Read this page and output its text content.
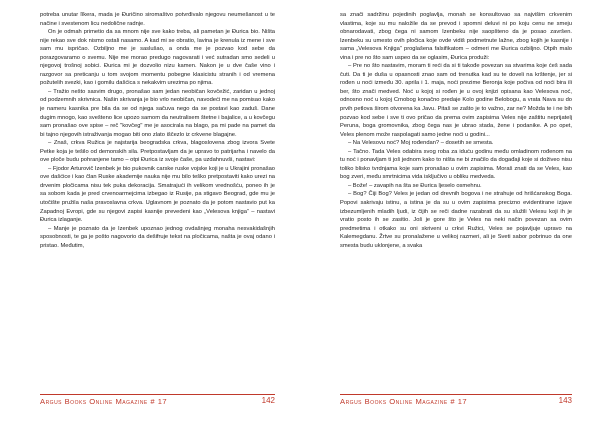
potreba unutar lîkera, mada je Đuričino siromaštvo potvrđivalo njegovu neumešanost u te načine i svestenom licu nedolične radnje.

On je odmah primetio da sa mnom nije sve kako treba, ali pametan je Đurica bio. Ništa nije rekao sve dok nismo ostali nasamo. A kad mi se obratio, lavina je krenula iz mene i sve sam mu ispričao. Ozbiljno me je saslušao, a onda me je pozvao kod sebe da porazgovaramo o svemu. Nije me morao predugo nagovarati i već sutradan smo sedeli u njegovoj trošnoj sobici. Đurica mi je dozvolio nizu kamen. Nakon je u dve čaše vino i razgovor sa preticanju u tom svojom momentu pobegne klasicistu stranih i od vremena požutelih svezki, kao i gomilu dašćica s nekakvim urezima po njima.

– Tražio nešto sasvim drugo, pronašao sam jedan neobičan kovčežić, zaridan u jednoj od podzemnih skrivnica. Našin skrivanja je bio vrlo neobičan, navodeći me na pomisao kako je nameru kasnika pre bila da se od njega sačuva nego da se postavi kao zaduš. Dane dugim mnogo, kao svešteno lice upozo samom da neutralisem štetne i bajalice, a u kovčegu sam pronašao ove spise – reč "kovčeg" me je asocirala na blago, pa mi pade na pamet da bi tajno njegovih istraživanja mogao biti ono zlato iščezlo iz crkvene blagajne.

– Znaš, crkva Ružica je najstarija beogradska crkva, blagoslovena zbog izvora Svete Petke koja je tešilo od demonskih sila. Pretpostavljam da je upravo to patrijarha i navelo da ove ploče budu pohranjene tamo – otpi Đurica iz svoje čaše, pa uzdahnuvši, nastavi:

– Fjodor Arturovič Izenbek je bio pukovnik carske ruske vojske koji je u Ukrajini pronašao ove dašćice i kao član Ruske akademije nauka nije mu bilo teško pretpostaviti kako urezi na drvenim pločicama nisu tek puka dekoracija. Smatrajući ih velikom vrednošću, poneo ih je sa sobom kada je pred crvenoarmejcima izbegao iz Rusije, pa stigavo Beograd, gde mu je utočište pružila naša pravoslavna crkva. Uglavnom je poznato da je potom nastavio put ka Zapadnoj Evropi, gde su njegovi zapisi kasnije prevedeni kao „Velesova knjiga“ – nastavi Đurica izlaganje.

– Manje je poznato da je Izenbek upoznao jednog ovdašnjeg monaha nesvakidašnjih sposobnosti, te ga je pošto nagovorio da dešifruje tekst na pločicama, našta je ovaj odano i pristao. Međutim,

Argus Books Online Magazine # 17	142

sa znači sadržinu pojedinih poglavlja, monah se konsultovao sa najvišim crkvenim vlastima, koje su mu naložile da se prevod i spomni deluvi ni po koju cenu ne smeju obnarodavati, zbog čega ni samom Izenbeku nije saopšteno da je posao završen. Izenbeku su umesto ovih pločica koje ovde vidiš podmetnute lažne, zbog kojih je kasnije i sama „Velesova Knjiga“ proglašena falsifikatom – odmeri me Đurica ozbiljno. Otpih malo vina i pre no što sam uspeo da se oglasim, Đurica produži:

– Pre no što nastavim, moram ti reći da si ti takođe povezan sa stvarima koje ćeš sada čuti. Da ti je duša u opasnosti znao sam od trenutka kad su te doveli na krštenje, jer si rođen u noći između 30. aprila i 1. maja, noći prezime Beronja koje počiva od noći bira ili ber, što znači medved. Noć u kojoj si rođen je u ovoj knjizi opisana kao Velesova noć, odnosno noć u kojoj Crnobog konačno predaje Kolo godine Belobogu, a vrata Nava su do prvih petlova širom otvorena ka Javu. Pitaš se zašto je to važno, zar ne? Možda te i ne bih pozvao kod sebe i sve ti ovo pričao da prema ovim zapisima Veles nije zaštitu neprijatelj Peruna, boga gromovnika, zbog čega nas je ubrao stada, žene i podanike. A po opet, Veles plenom može raspolagati samo jedne noći u godini...

– Na Velesovu noć? Moj rođendan? – dosetih se smesta.

– Tačno. Tada Veles odabira svog roba za iduću godinu među omladinom rođenom na tu noć i ponavljam ti još jednom kako to ništa ne bi značilo da događaji koje si doživeo nisu toliko blisko tvrdnjama koje sam pronašao u ovim zapisima. Moraš znati da se Veles, kao bog zveri, među smrtnicima vida isključivo u obliku medveda.

– Bože! – zavapih na šta se Đurica ljeselo osmehnu.

– Bog? Čiji Bog? Veles je jedan od drevnih bogova i ne strahuje od hrišćanskog Boga. Popovi sakrivaju istinu, a istina je da su u ovim zapisima precizno evidentirane izjave izbezumljenih mladih ljudi, iz čijih se reči dadne razabrati da su služili Velesu koji ih je vratio posto ih se zasitio. Još je gore što je Veles na neki način povezan sa ovim predmetima i otkako su oni skriveni u crkvi Ružici, Veles se pojavljuje upravo na Kalemegdanu. Žrtve su pronalažene u velikoj razmeri, ali je Sveti sabor pobrinuo da one smesta budu uklonjene, a svaka

Argus Books Online Magazine # 17	143
